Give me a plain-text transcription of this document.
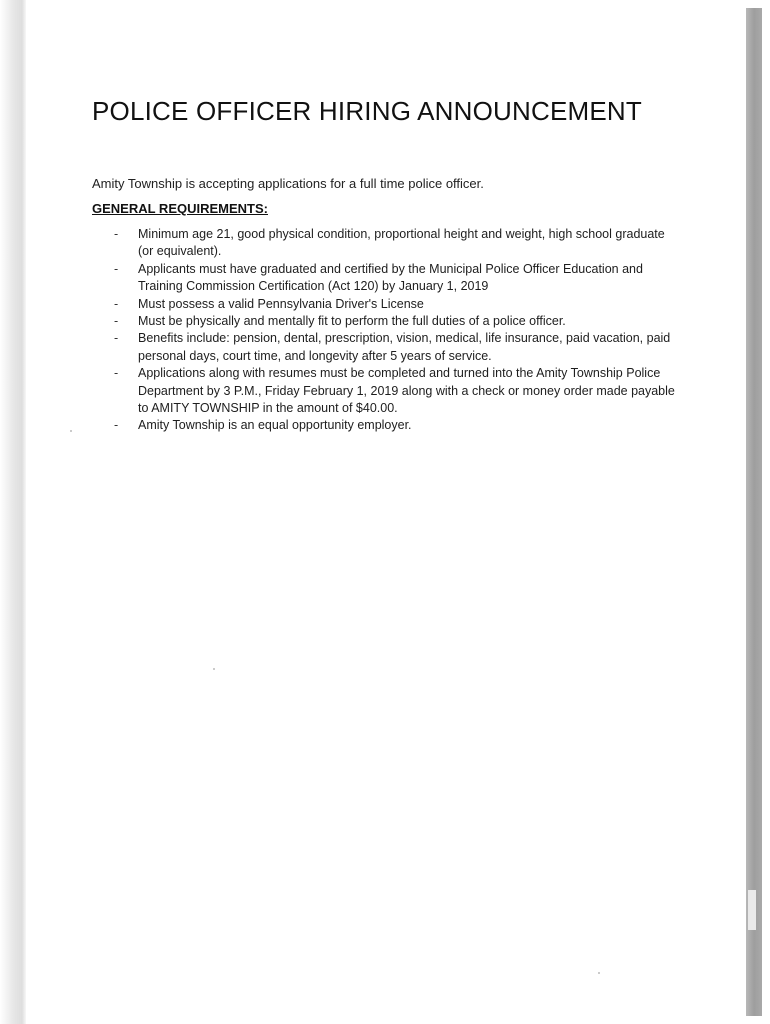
POLICE OFFICER HIRING ANNOUNCEMENT

Amity Township is accepting applications for a full time police officer.

GENERAL REQUIREMENTS:
- Minimum age 21, good physical condition, proportional height and weight, high school graduate (or equivalent).
- Applicants must have graduated and certified by the Municipal Police Officer Education and Training Commission Certification (Act 120) by January 1, 2019
- Must possess a valid Pennsylvania Driver's License
- Must be physically and mentally fit to perform the full duties of a police officer.
- Benefits include: pension, dental, prescription, vision, medical, life insurance, paid vacation, paid personal days, court time, and longevity after 5 years of service.
- Applications along with resumes must be completed and turned into the Amity Township Police Department by 3 P.M., Friday February 1, 2019 along with a check or money order made payable to AMITY TOWNSHIP in the amount of $40.00.
- Amity Township is an equal opportunity employer.
